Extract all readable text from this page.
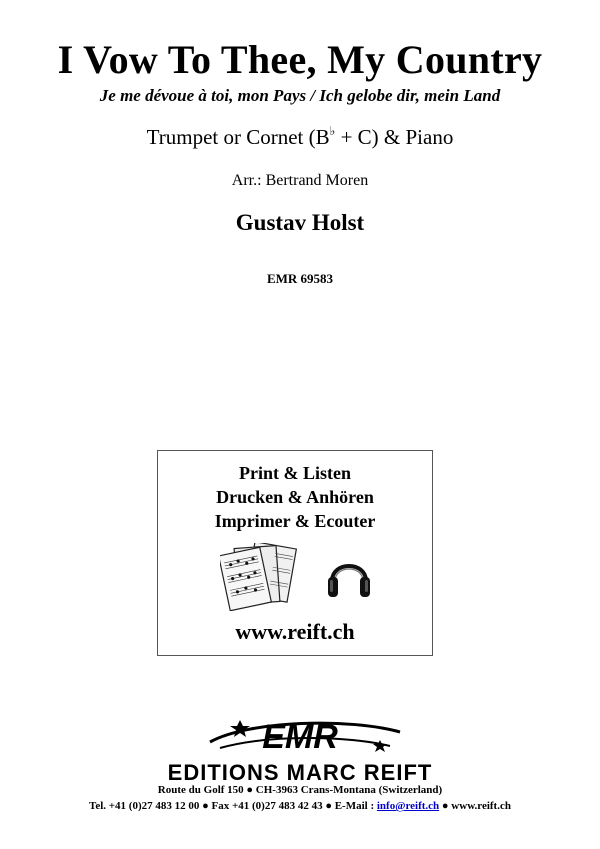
I Vow To Thee, My Country
Je me dévoue à toi, mon Pays / Ich gelobe dir, mein Land
Trumpet or Cornet (B♭ + C) & Piano
Arr.: Bertrand Moren
Gustav Holst
EMR 69583
Print & Listen
Drucken & Anhören
Imprimer & Ecouter
www.reift.ch
EMR
EDITIONS MARC REIFT
Route du Golf 150 ● CH-3963 Crans-Montana (Switzerland)
Tel. +41 (0)27 483 12 00 ● Fax +41 (0)27 483 42 43 ● E-Mail : info@reift.ch ● www.reift.ch
